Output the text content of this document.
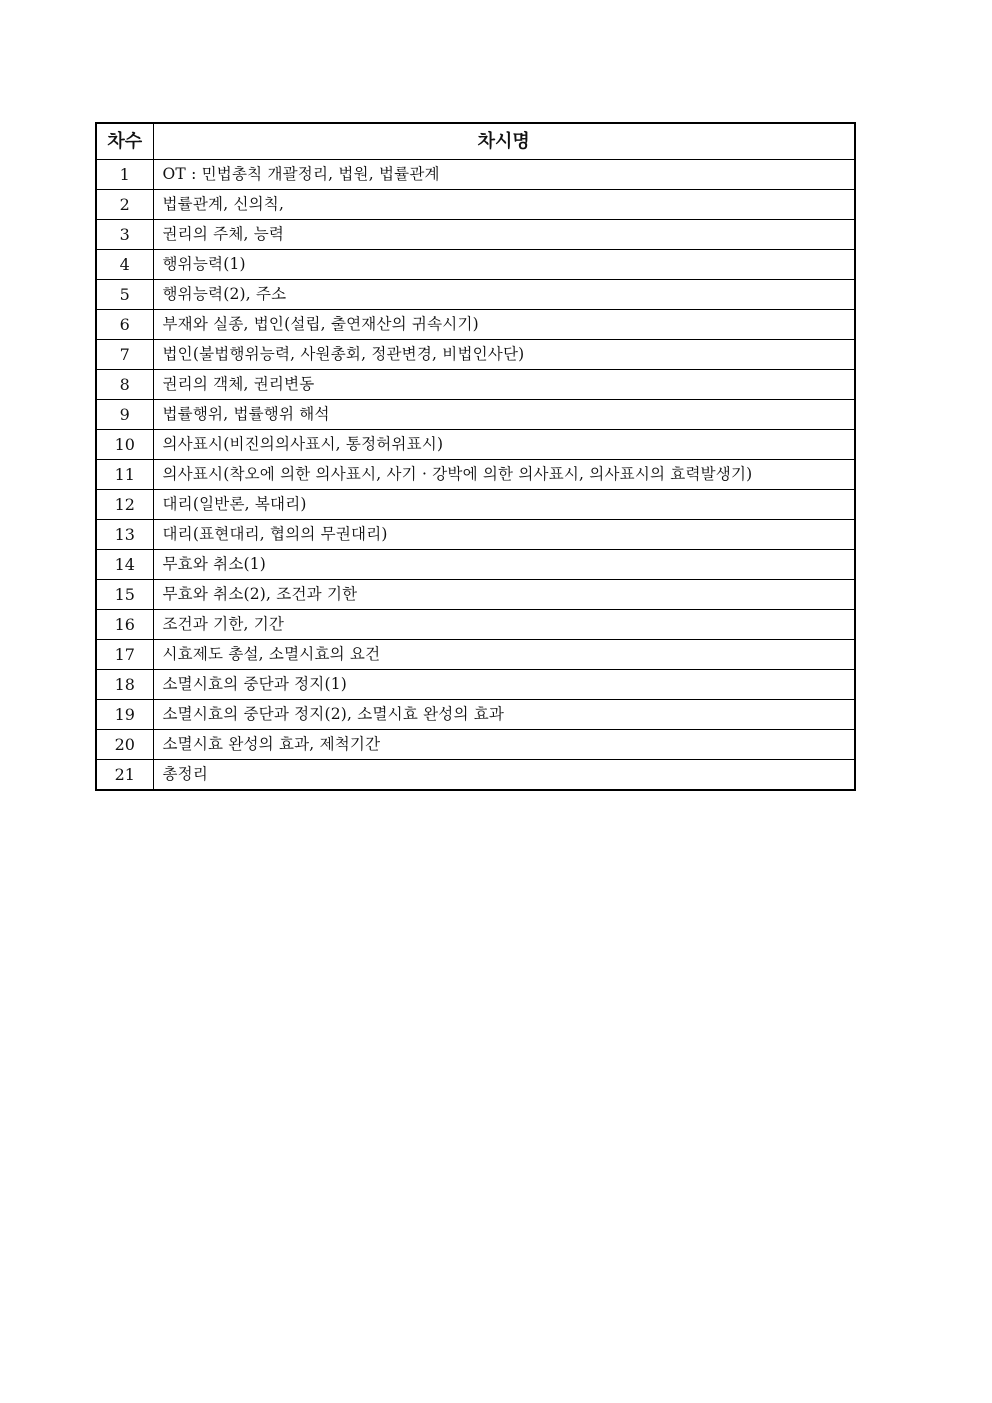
차수	차시명
1	OT : 민법총칙 개괄정리, 법원, 법률관계
2	법률관계, 신의칙,
3	권리의 주체, 능력
4	행위능력(1)
5	행위능력(2), 주소
6	부재와 실종, 법인(설립, 출연재산의 귀속시기)
7	법인(불법행위능력, 사원총회, 정관변경, 비법인사단)
8	권리의 객체, 권리변동
9	법률행위, 법률행위 해석
10	의사표시(비진의의사표시, 통정허위표시)
11	의사표시(착오에 의한 의사표시, 사기 · 강박에 의한 의사표시, 의사표시의 효력발생기)
12	대리(일반론, 복대리)
13	대리(표현대리, 협의의 무권대리)
14	무효와 취소(1)
15	무효와 취소(2), 조건과 기한
16	조건과 기한, 기간
17	시효제도 총설, 소멸시효의 요건
18	소멸시효의 중단과 정지(1)
19	소멸시효의 중단과 정지(2), 소멸시효 완성의 효과
20	소멸시효 완성의 효과, 제척기간
21	총정리
